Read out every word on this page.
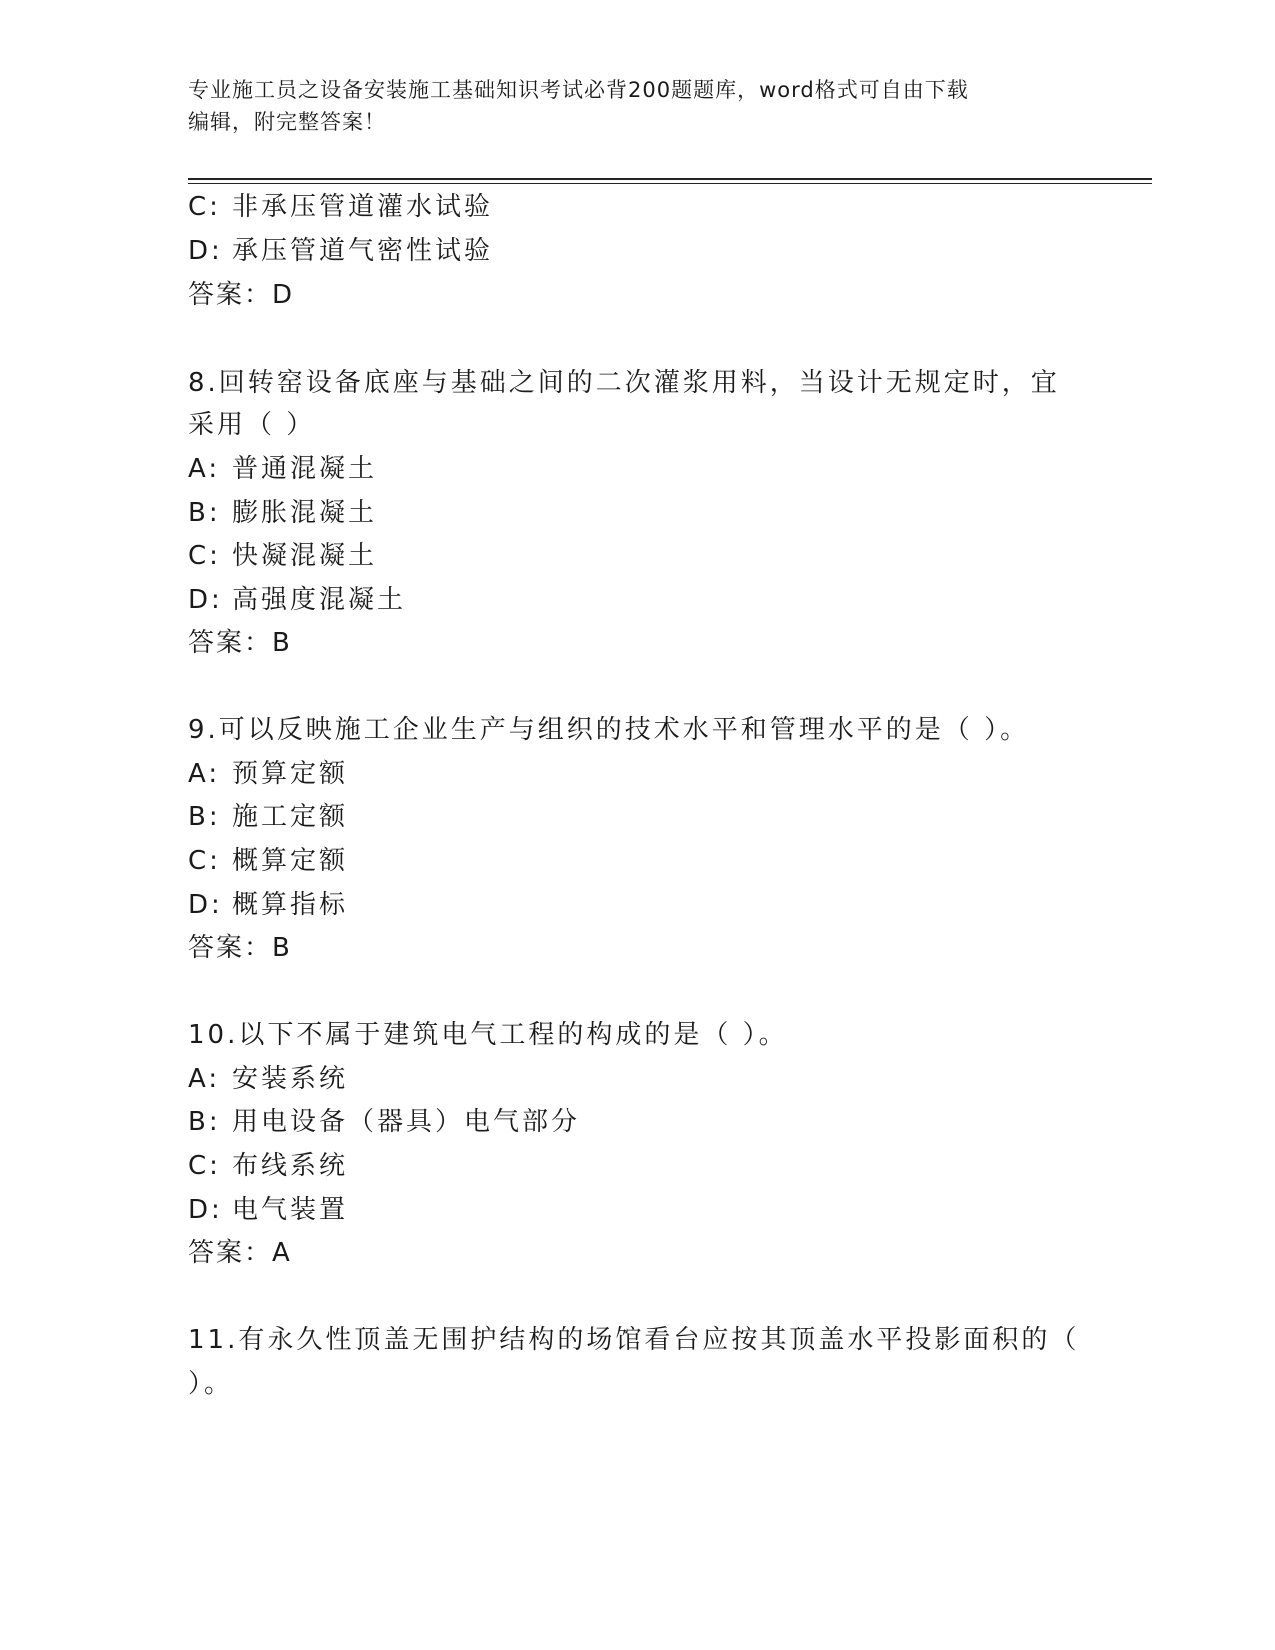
专业施工员之设备安装施工基础知识考试必背200题题库，word格式可自由下载
编辑，附完整答案！
C: 非承压管道灌水试验
D: 承压管道气密性试验
答案：D
8.回转窑设备底座与基础之间的二次灌浆用料，当设计无规定时，宜
采用（ ）
A: 普通混凝土
B: 膨胀混凝土
C: 快凝混凝土
D: 高强度混凝土
答案：B
9.可以反映施工企业生产与组织的技术水平和管理水平的是（ ）。
A: 预算定额
B: 施工定额
C: 概算定额
D: 概算指标
答案：B
10.以下不属于建筑电气工程的构成的是（ ）。
A: 安装系统
B: 用电设备（器具）电气部分
C: 布线系统
D: 电气装置
答案：A
11.有永久性顶盖无围护结构的场馆看台应按其顶盖水平投影面积的（
）。
